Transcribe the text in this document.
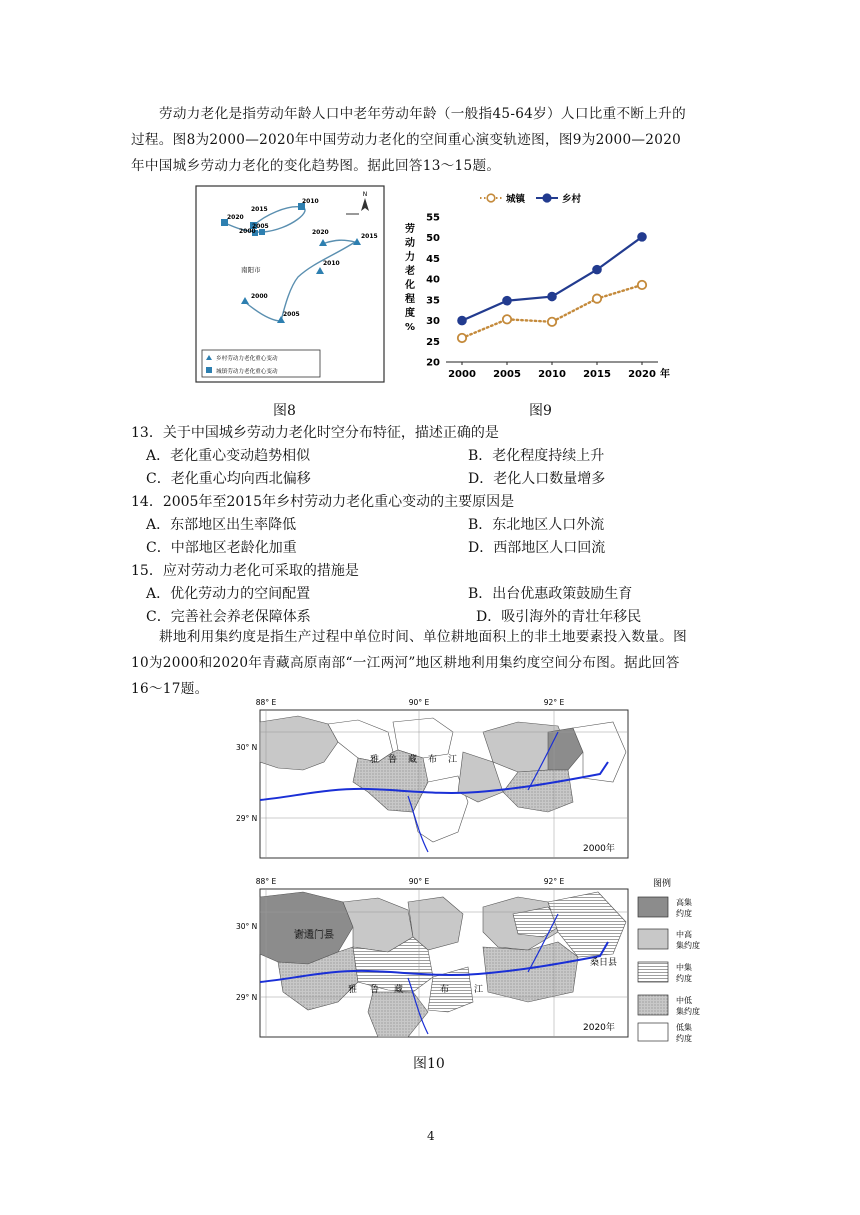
劳动力老化是指劳动年龄人口中老年劳动年龄（一般指45-64岁）人口比重不断上升的
过程。图8为2000—2020年中国劳动力老化的空间重心演变轨迹图，图9为2000—2020
年中国城乡劳动力老化的变化趋势图。据此回答13～15题。
N
2015
2010
2020
2000
2005
2020
2015
2010
2000
2005
南阳市
乡村劳动力老化重心变动
城镇劳动力老化重心变动
城镇	乡村
劳
动
力
老
化
程
度
%
20
25
30
35
40
45
50
55
2000 2005 2010 2015 2020 年
图8	图9
13．关于中国城乡劳动力老化时空分布特征，描述正确的是
A．老化重心变动趋势相似	B．老化程度持续上升
C．老化重心均向西北偏移	D．老化人口数量增多
14．2005年至2015年乡村劳动力老化重心变动的主要原因是
A．东部地区出生率降低	B．东北地区人口外流
C．中部地区老龄化加重	D．西部地区人口回流
15．应对劳动力老化可采取的措施是
A．优化劳动力的空间配置	B．出台优惠政策鼓励生育
C．完善社会养老保障体系	D．吸引海外的青壮年移民
耕地利用集约度是指生产过程中单位时间、单位耕地面积上的非土地要素投入数量。图
10为2000和2020年青藏高原南部“一江两河”地区耕地利用集约度空间分布图。据此回答
16～17题。
88° E	90° E	92° E
30° N
29° N
雅 鲁 藏 布 江
2000年
88° E	90° E	92° E
30° N
29° N
谢通门县
桑日县
雅 鲁 藏	布	江
2020年
图例
高集
约度
中高
集约度
中集
约度
中低
集约度
低集
约度
图10
4
